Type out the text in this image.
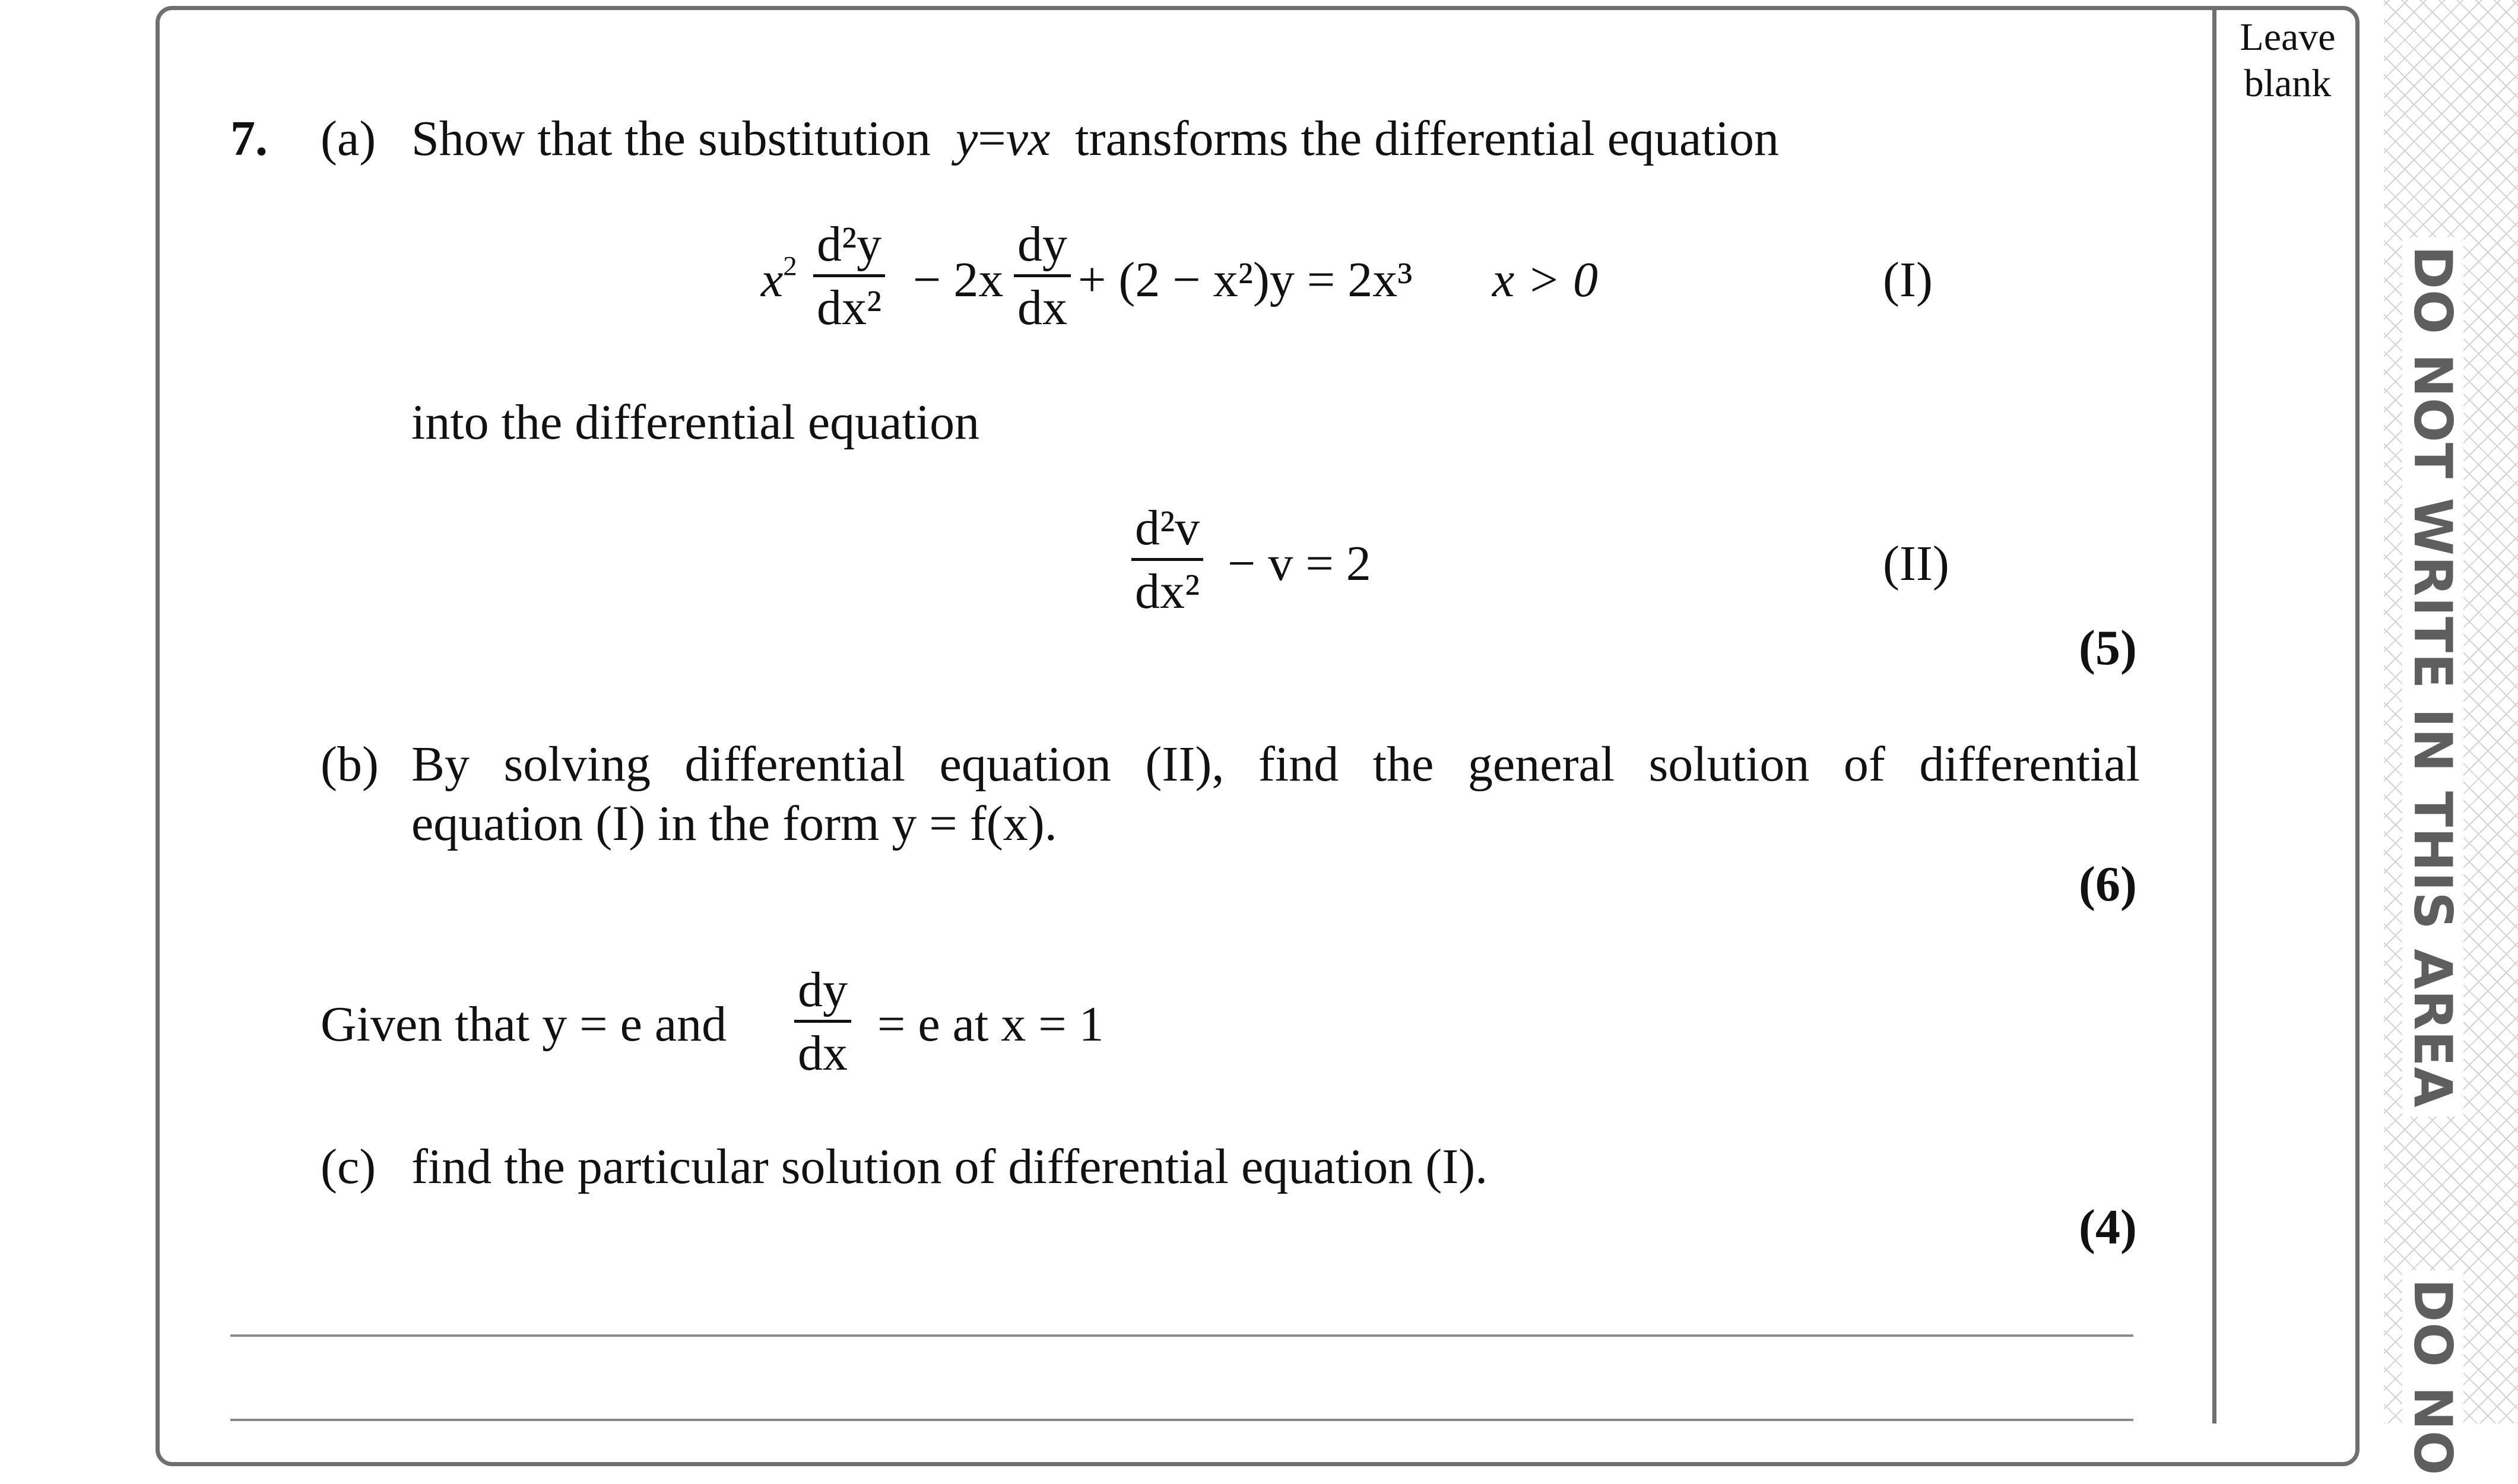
Leave
blank
DO NOT WRITE IN THIS AREA
DO NO
7. (a) Show that the substitution y=vx transforms the differential equation
$x^2$ d²y
dx²
− 2x
dy
dx
+ (2 − x²)y = 2x³ x > 0	(I)
into the differential equation
d²v
dx²
− v = 2	(II)
(5)
(b) By solving differential equation (II), find the general solution of differential
equation (I) in the form y = f(x).
(6)
Given that y = e and
dy
dx
= e at x = 1
(c) find the particular solution of differential equation (I).
(4)
